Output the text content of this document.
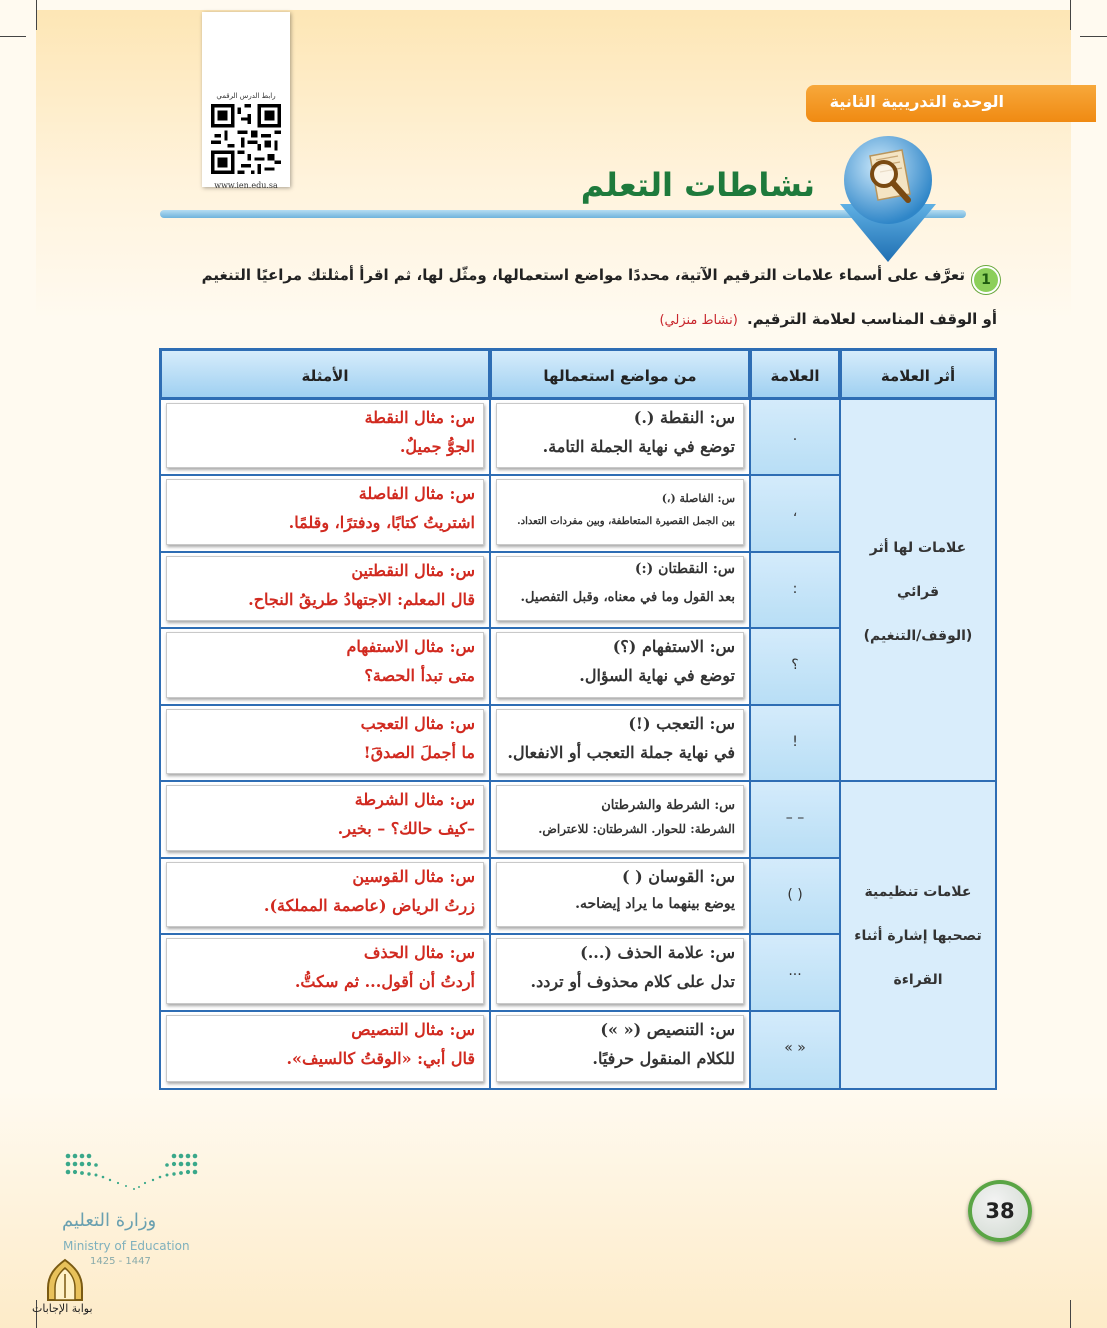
رابط الدرس الرقمي
www.ien.edu.sa
الوحدة التدريبية الثانية
نشاطات التعلم
1
تعرَّف على أسماء علامات الترقيم الآتية، محددًا مواضع استعمالها، ومثّل لها، ثم اقرأ أمثلتك مراعيًا التنغيم
أو الوقف المناسب لعلامة الترقيم. (نشاط منزلي)
أثر العلامة
العلامة
من مواضع استعمالها
الأمثلة
علامات لها أثر
قرائي
(الوقف/التنغيم)
علامات تنظيمية
تصحبها إشارة أثناء
القراءة
.
س: النقطة (.)
توضع في نهاية الجملة التامة.
س: مثال النقطة
الجوُّ جميلٌ.
،
س: الفاصلة (،)
بين الجمل القصيرة المتعاطفة، وبين مفردات التعداد.
س: مثال الفاصلة
اشتريتُ كتابًا، ودفترًا، وقلمًا.
:
س: النقطتان (:)
بعد القول وما في معناه، وقبل التفصيل.
س: مثال النقطتين
قال المعلم: الاجتهادُ طريقُ النجاح.
؟
س: الاستفهام (؟)
توضع في نهاية السؤال.
س: مثال الاستفهام
متى تبدأ الحصة؟
!
س: التعجب (!)
في نهاية جملة التعجب أو الانفعال.
س: مثال التعجب
ما أجملَ الصدقَ!
– –
س: الشرطة والشرطتان
الشرطة: للحوار. الشرطتان: للاعتراض.
س: مثال الشرطة
–كيف حالك؟ – بخير.
( )
س: القوسان ( )
يوضع بينهما ما يراد إيضاحه.
س: مثال القوسين
زرتُ الرياض (عاصمة المملكة).
...
س: علامة الحذف (...)
تدل على كلام محذوف أو تردد.
س: مثال الحذف
أردتُ أن أقول... ثم سكتُّ.
« »
س: التنصيص (« »)
للكلام المنقول حرفيًا.
س: مثال التنصيص
قال أبي: «الوقتُ كالسيف».
وزارة التعليم
Ministry of Education
1425 - 1447
بوابة الإجابات
38
